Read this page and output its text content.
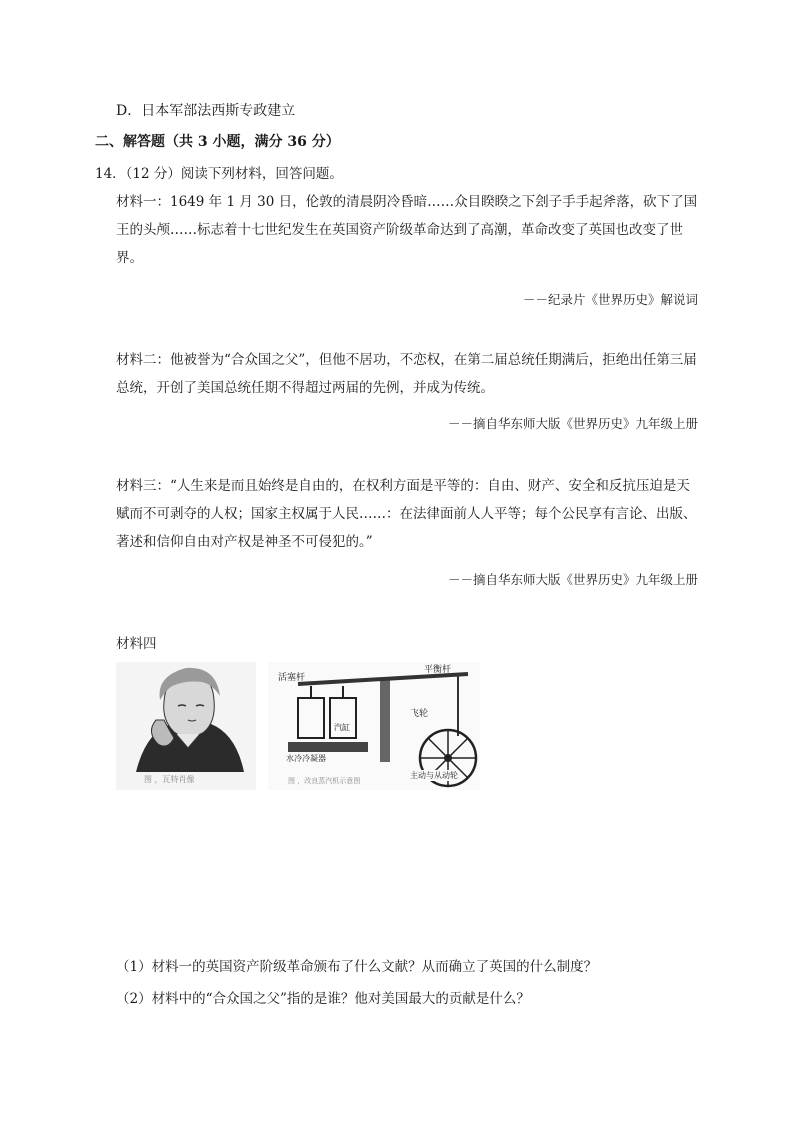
D．日本军部法西斯专政建立
二、解答题（共 3 小题，满分 36 分）
14．（12 分）阅读下列材料，回答问题。
材料一：1649 年 1 月 30 日，伦敦的清晨阴冷昏暗……众目睽睽之下刽子手手起斧落，砍下了国王的头颅……标志着十七世纪发生在英国资产阶级革命达到了高潮，革命改变了英国也改变了世界。
－－纪录片《世界历史》解说词
材料二：他被誉为“合众国之父”，但他不居功，不恋权，在第二届总统任期满后，拒绝出任第三届总统，开创了美国总统任期不得超过两届的先例，并成为传统。
－－摘自华东师大版《世界历史》九年级上册
材料三：“人生来是而且始终是自由的，在权利方面是平等的：自由、财产、安全和反抗压迫是天赋而不可剥夺的人权；国家主权属于人民……：在法律面前人人平等；每个公民享有言论、出版、著述和信仰自由对产权是神圣不可侵犯的。”
－－摘自华东师大版《世界历史》九年级上册
材料四
图 ，瓦特肖像
活塞杆
平衡杆
汽缸
飞轮
水冷冷凝器
主动与从动轮
图 ，改良蒸汽机示意图
（1）材料一的英国资产阶级革命颁布了什么文献？从而确立了英国的什么制度？
（2）材料中的“合众国之父”指的是谁？他对美国最大的贡献是什么？
